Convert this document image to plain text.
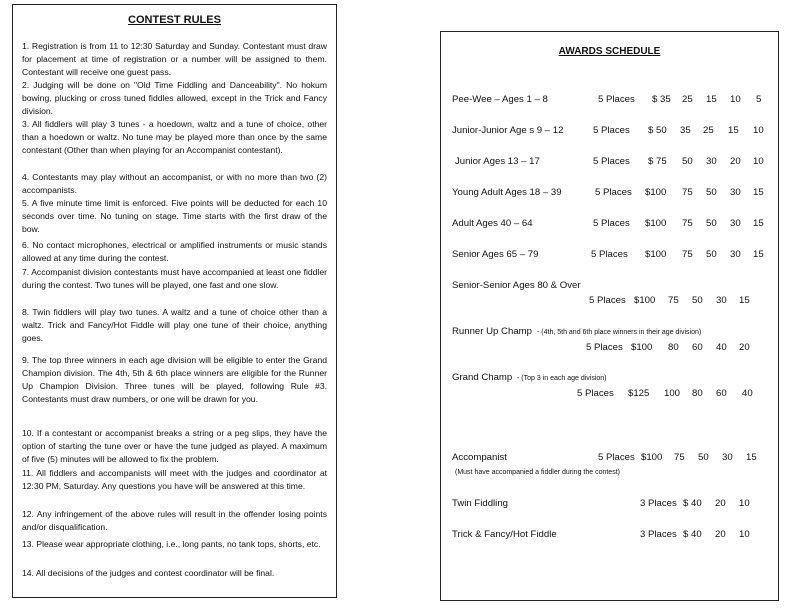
CONTEST RULES
1. Registration is from 11 to 12:30 Saturday and Sunday. Contestant must draw for placement at time of registration or a number will be assigned to them. Contestant will receive one guest pass.
2. Judging will be done on "Old Time Fiddling and Danceability". No hokum bowing, plucking or cross tuned fiddles allowed, except in the Trick and Fancy division.
3. All fiddlers will play 3 tunes - a hoedown, waltz and a tune of choice, other than a hoedown or waltz. No tune may be played more than once by the same contestant (Other than when playing for an Accompanist contestant).
4. Contestants may play without an accompanist, or with no more than two (2) accompanists.
5. A five minute time limit is enforced. Five points will be deducted for each 10 seconds over time. No tuning on stage. Time starts with the first draw of the bow.
6. No contact microphones, electrical or amplified instruments or music stands allowed at any time during the contest.
7. Accompanist division contestants must have accompanied at least one fiddler during the contest. Two tunes will be played, one fast and one slow.
8. Twin fiddlers will play two tunes. A waltz and a tune of choice other than a waltz. Trick and Fancy/Hot Fiddle will play one tune of their choice, anything goes.
9. The top three winners in each age division will be eligible to enter the Grand Champion division. The 4th, 5th & 6th place winners are eligible for the Runner Up Champion Division. Three tunes will be played, following Rule #3. Contestants must draw numbers, or one will be drawn for you.
10. If a contestant or accompanist breaks a string or a peg slips, they have the option of starting the tune over or have the tune judged as played. A maximum of five (5) minutes will be allowed to fix the problem.
11. All fiddlers and accompanists will meet with the judges and coordinator at 12:30 PM, Saturday. Any questions you have will be answered at this time.
12. Any infringement of the above rules will result in the offender losing points and/or disqualification.
13. Please wear appropriate clothing, i.e., long pants, no tank tops, shorts, etc.
14. All decisions of the judges and contest coordinator will be final.
AWARDS SCHEDULE
Pee-Wee – Ages 1 – 8	5 Places $ 35 25 15 10 5
Junior-Junior Age s 9 – 12	5 Places $ 50 35 25 15 10
Junior Ages 13 – 17	5 Places $ 75 50 30 20 10
Young Adult Ages 18 – 39	5 Places $100 75 50 30 15
Adult Ages 40 – 64	5 Places $100 75 50 30 15
Senior Ages 65 – 79	5 Places $100 75 50 30 15
Senior-Senior Ages 80 & Over
5 Places $100 75 50 30 15
Runner Up Champ - (4th, 5th and 6th place winners in their age division)
5 Places $100 80 60 40 20
Grand Champ - (Top 3 in each age division)
5 Places $125 100 80 60 40
Accompanist	5 Places $100 75 50 30 15
(Must have accompanied a fiddler during the contest)
Twin Fiddling	3 Places $ 40 20 10
Trick & Fancy/Hot Fiddle	3 Places $ 40 20 10
